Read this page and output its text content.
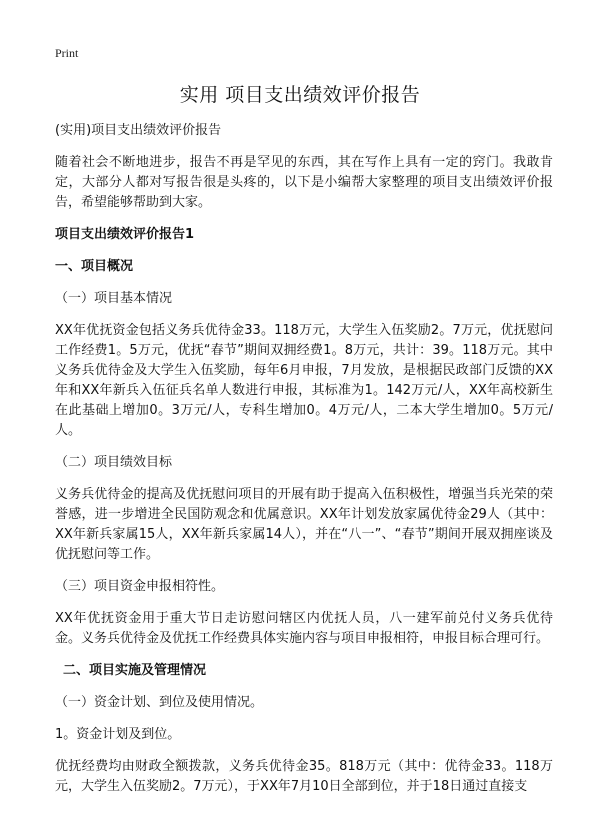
Print
实用 项目支出绩效评价报告

(实用)项目支出绩效评价报告

随着社会不断地进步，报告不再是罕见的东西，其在写作上具有一定的窍门。我敢肯定，大部分人都对写报告很是头疼的，以下是小编帮大家整理的项目支出绩效评价报告，希望能够帮助到大家。

项目支出绩效评价报告1

一、项目概况

（一）项目基本情况

XX年优抚资金包括义务兵优待金33。118万元，大学生入伍奖励2。7万元，优抚慰问工作经费1。5万元，优抚“春节”期间双拥经费1。8万元，共计：39。118万元。其中义务兵优待金及大学生入伍奖励，每年6月申报，7月发放，是根据民政部门反馈的XX年和XX年新兵入伍征兵名单人数进行申报，其标准为1。142万元/人，XX年高校新生在此基础上增加0。3万元/人，专科生增加0。4万元/人，二本大学生增加0。5万元/人。

（二）项目绩效目标

义务兵优待金的提高及优抚慰问项目的开展有助于提高入伍积极性，增强当兵光荣的荣誉感，进一步增进全民国防观念和优属意识。XX年计划发放家属优待金29人（其中：XX年新兵家属15人，XX年新兵家属14人），并在“八一”、“春节”期间开展双拥座谈及优抚慰问等工作。

（三）项目资金申报相符性。

XX年优抚资金用于重大节日走访慰问辖区内优抚人员，八一建军前兑付义务兵优待金。义务兵优待金及优抚工作经费具体实施内容与项目申报相符，申报目标合理可行。

二、项目实施及管理情况

（一）资金计划、到位及使用情况。

1。资金计划及到位。

优抚经费均由财政全额拨款，义务兵优待金35。818万元（其中：优待金33。118万元，大学生入伍奖励2。7万元），于XX年7月10日全部到位，并于18日通过直接支
